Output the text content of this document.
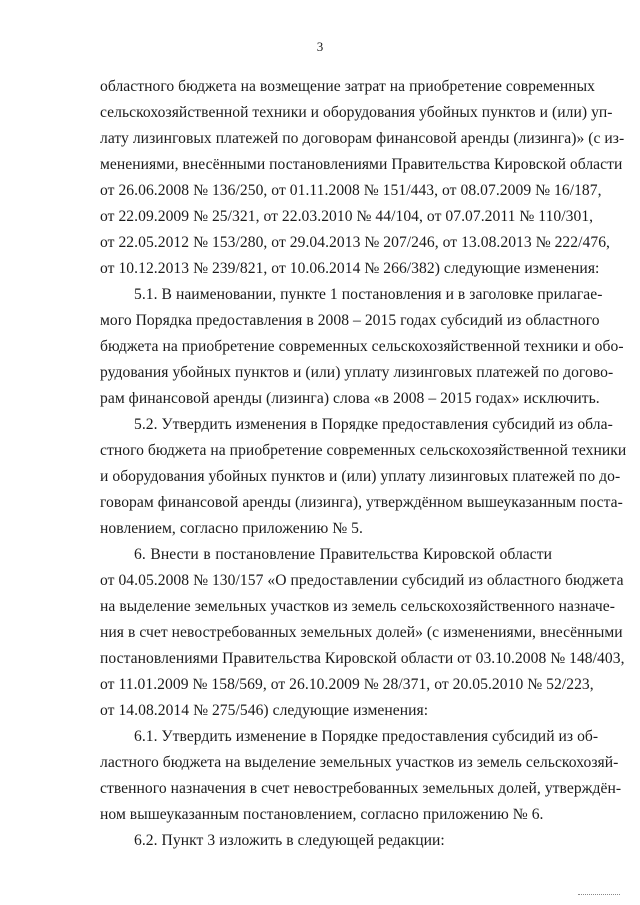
3
областного бюджета на возмещение затрат на приобретение современных
сельскохозяйственной техники и оборудования убойных пунктов и (или) уп-
лату лизинговых платежей по договорам финансовой аренды (лизинга)» (с из-
менениями, внесёнными постановлениями Правительства Кировской области
от 26.06.2008 № 136/250, от 01.11.2008 № 151/443, от 08.07.2009 № 16/187,
от 22.09.2009 № 25/321, от 22.03.2010 № 44/104, от 07.07.2011 № 110/301,
от 22.05.2012 № 153/280, от 29.04.2013 № 207/246, от 13.08.2013 № 222/476,
от 10.12.2013 № 239/821, от 10.06.2014 № 266/382) следующие изменения:
5.1. В наименовании, пункте 1 постановления и в заголовке прилагае-
мого Порядка предоставления в 2008 – 2015 годах субсидий из областного
бюджета на приобретение современных сельскохозяйственной техники и обо-
рудования убойных пунктов и (или) уплату лизинговых платежей по догово-
рам финансовой аренды (лизинга) слова «в 2008 – 2015 годах» исключить.
5.2. Утвердить изменения в Порядке предоставления субсидий из обла-
стного бюджета на приобретение современных сельскохозяйственной техники
и оборудования убойных пунктов и (или) уплату лизинговых платежей по до-
говорам финансовой аренды (лизинга), утверждённом вышеуказанным поста-
новлением, согласно приложению № 5.
6. Внести в постановление Правительства Кировской области
от 04.05.2008 № 130/157 «О предоставлении субсидий из областного бюджета
на выделение земельных участков из земель сельскохозяйственного назначе-
ния в счет невостребованных земельных долей» (с изменениями, внесёнными
постановлениями Правительства Кировской области от 03.10.2008 № 148/403,
от 11.01.2009 № 158/569, от 26.10.2009 № 28/371, от 20.05.2010 № 52/223,
от 14.08.2014 № 275/546) следующие изменения:
6.1. Утвердить изменение в Порядке предоставления субсидий из об-
ластного бюджета на выделение земельных участков из земель сельскохозяй-
ственного назначения в счет невостребованных земельных долей, утверждён-
ном вышеуказанным постановлением, согласно приложению № 6.
6.2. Пункт 3 изложить в следующей редакции:
